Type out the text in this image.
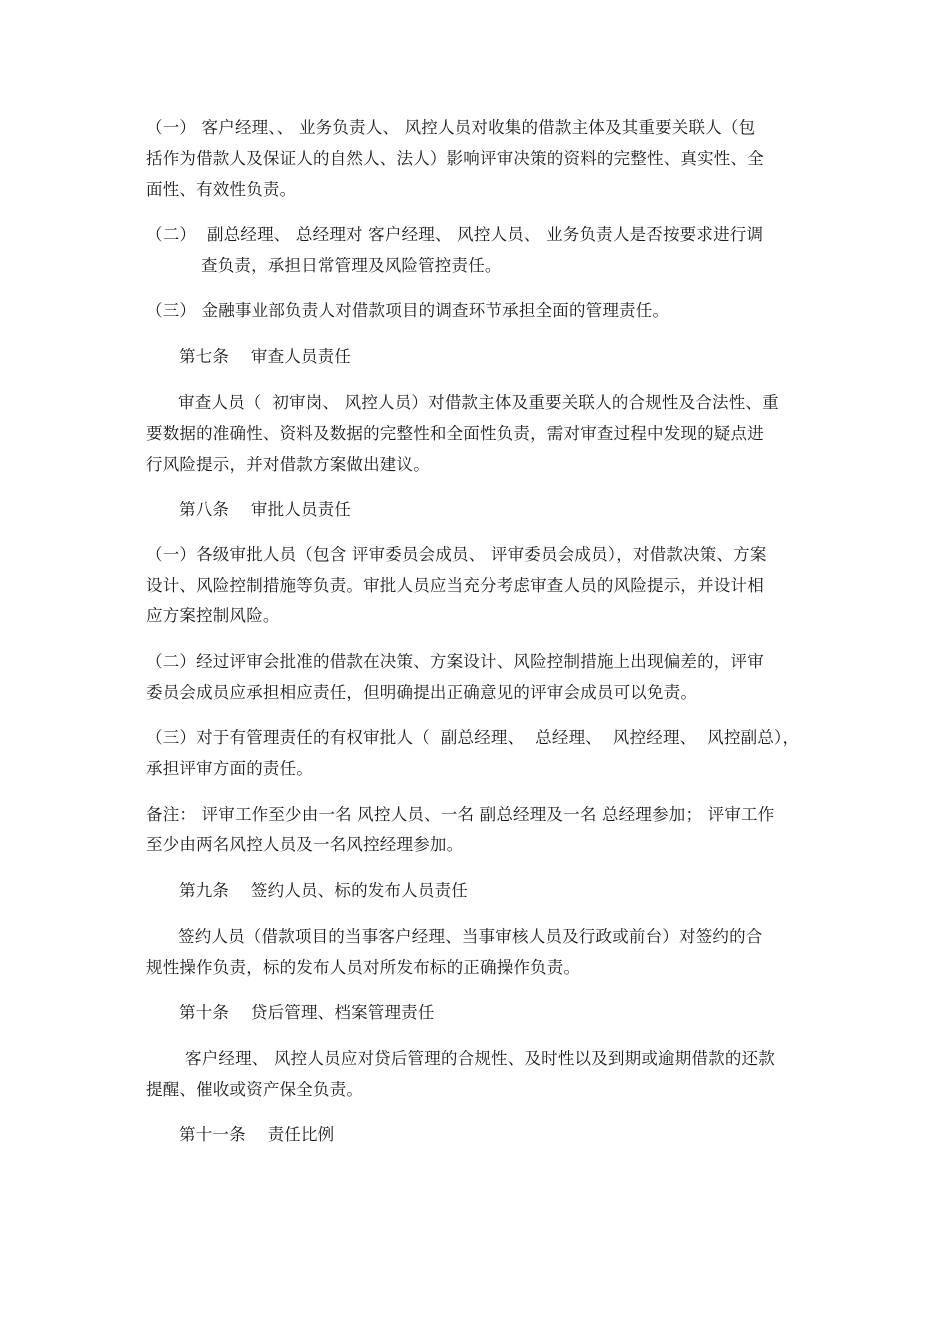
（一） 客户经理、、 业务负责人、 风控人员对收集的借款主体及其重要关联人（包
括作为借款人及保证人的自然人、法人）影响评审决策的资料的完整性、真实性、全
面性、有效性负责。
（二）  副总经理、 总经理对 客户经理、 风控人员、 业务负责人是否按要求进行调
查负责，承担日常管理及风险管控责任。
（三） 金融事业部负责人对借款项目的调查环节承担全面的管理责任。
第七条    审查人员责任
审查人员（  初审岗、 风控人员）对借款主体及重要关联人的合规性及合法性、重
要数据的准确性、资料及数据的完整性和全面性负责，需对审查过程中发现的疑点进
行风险提示，并对借款方案做出建议。
第八条    审批人员责任
（一）各级审批人员（包含 评审委员会成员、 评审委员会成员），对借款决策、方案
设计、风险控制措施等负责。审批人员应当充分考虑审查人员的风险提示，并设计相
应方案控制风险。
（二）经过评审会批准的借款在决策、方案设计、风险控制措施上出现偏差的，评审
委员会成员应承担相应责任，但明确提出正确意见的评审会成员可以免责。
（三）对于有管理责任的有权审批人（  副总经理、  总经理、  风控经理、  风控副总），
承担评审方面的责任。
备注： 评审工作至少由一名 风控人员、一名 副总经理及一名 总经理参加； 评审工作
至少由两名风控人员及一名风控经理参加。
第九条    签约人员、标的发布人员责任
签约人员（借款项目的当事客户经理、当事审核人员及行政或前台）对签约的合
规性操作负责，标的发布人员对所发布标的正确操作负责。
第十条    贷后管理、档案管理责任
客户经理、 风控人员应对贷后管理的合规性、及时性以及到期或逾期借款的还款
提醒、催收或资产保全负责。
第十一条    责任比例
